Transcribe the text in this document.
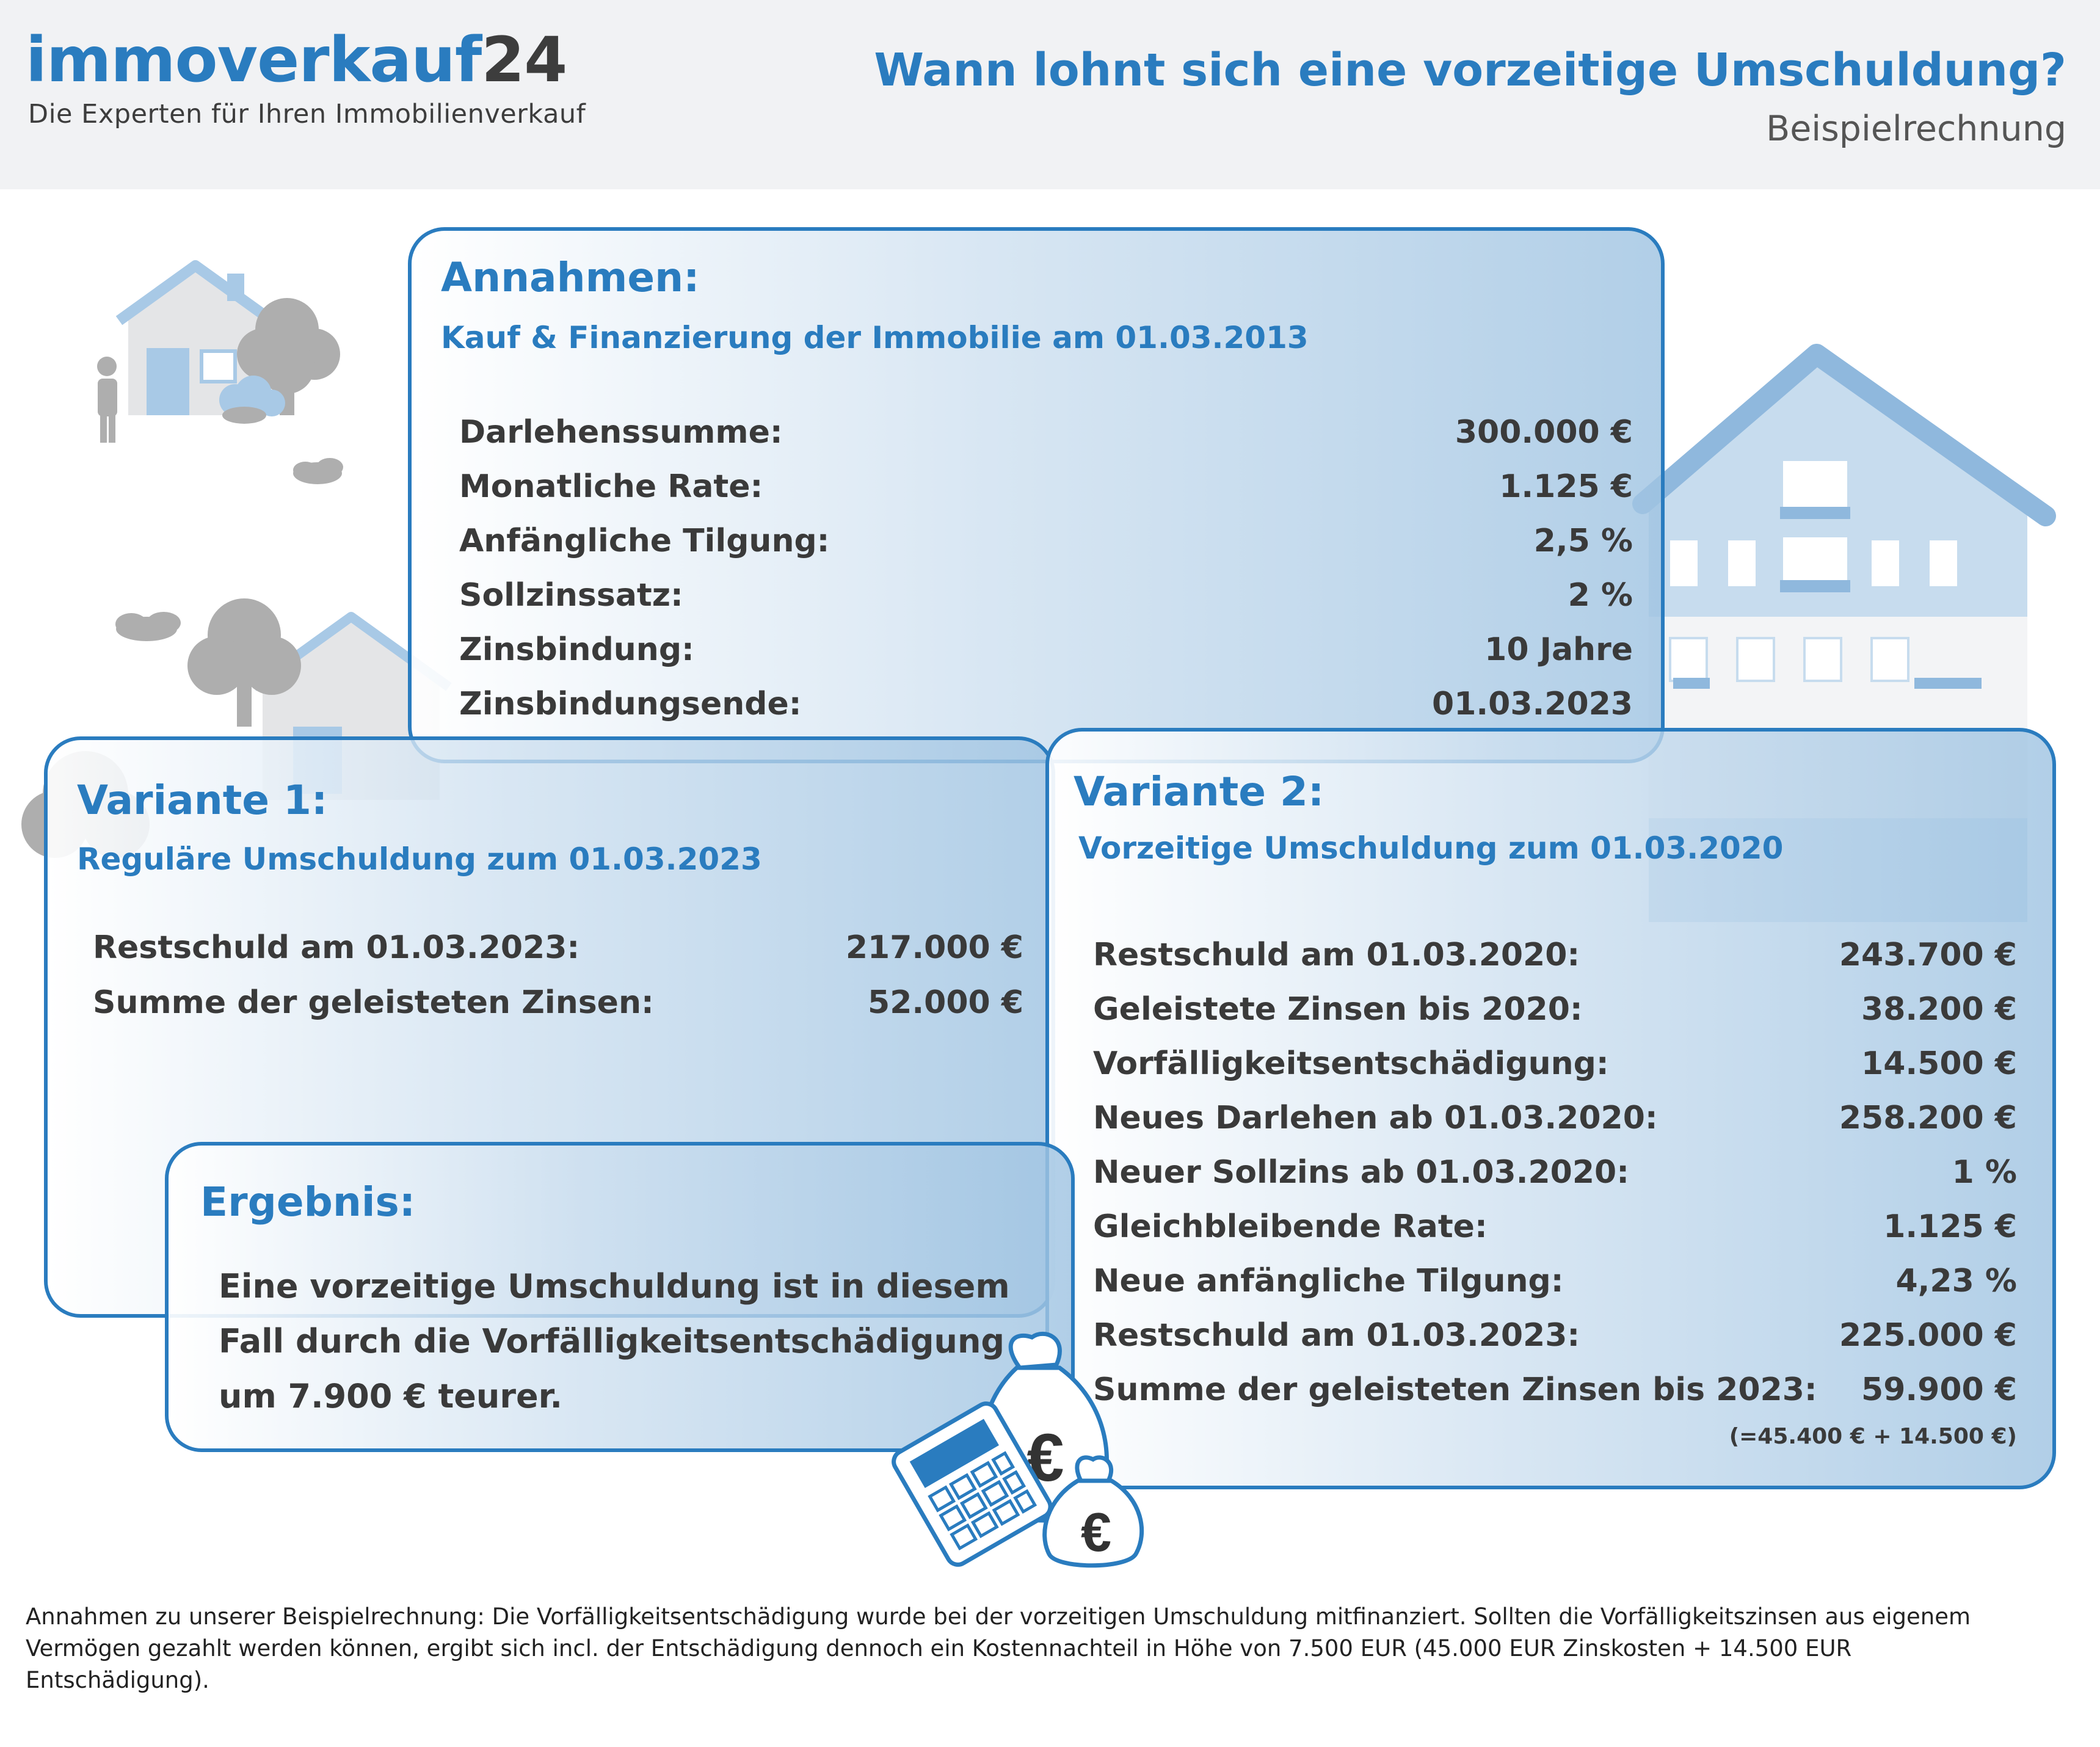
immoverkauf24
Die Experten für Ihren Immobilienverkauf
Wann lohnt sich eine vorzeitige Umschuldung?
Beispielrechnung
Annahmen:
Kauf & Finanzierung der Immobilie am 01.03.2013
Darlehenssumme:	300.000 €
Monatliche Rate:	1.125 €
Anfängliche Tilgung:	2,5 %
Sollzinssatz:	2 %
Zinsbindung:	10 Jahre
Zinsbindungsende:	01.03.2023
Variante 1:
Reguläre Umschuldung zum 01.03.2023
Restschuld am 01.03.2023:	217.000 €
Summe der geleisteten Zinsen:	52.000 €
Variante 2:
Vorzeitige Umschuldung zum 01.03.2020
Restschuld am 01.03.2020:	243.700 €
Geleistete Zinsen bis 2020:	38.200 €
Vorfälligkeitsentschädigung:	14.500 €
Neues Darlehen ab 01.03.2020:	258.200 €
Neuer Sollzins ab 01.03.2020:	1 %
Gleichbleibende Rate:	1.125 €
Neue anfängliche Tilgung:	4,23 %
Restschuld am 01.03.2023:	225.000 €
Summe der geleisteten Zinsen bis 2023: 59.900 €
(=45.400 € + 14.500 €)
Ergebnis:
Eine vorzeitige Umschuldung ist in diesem Fall durch die Vorfälligkeitsentschädigung um 7.900 € teurer.
€
€
Annahmen zu unserer Beispielrechnung: Die Vorfälligkeitsentschädigung wurde bei der vorzeitigen Umschuldung mitfinanziert. Sollten die Vorfälligkeitszinsen aus eigenem Vermögen gezahlt werden können, ergibt sich incl. der Entschädigung dennoch ein Kostennachteil in Höhe von 7.500 EUR (45.000 EUR Zinskosten + 14.500 EUR Entschädigung).
